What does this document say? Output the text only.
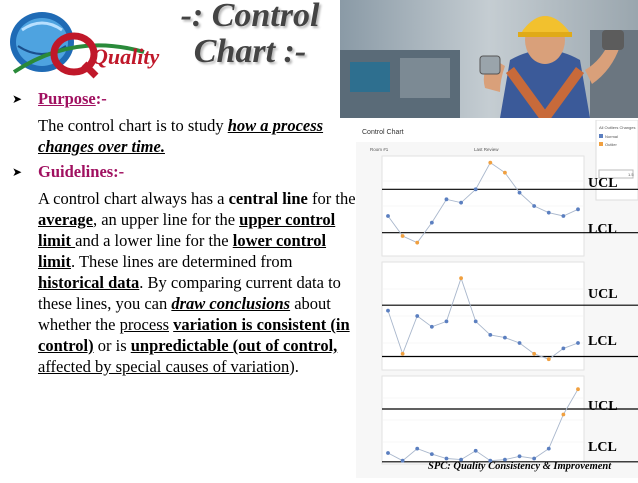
Quality
-: Control
Chart :-
➤ Purpose:-
The control chart is to study how a process changes over time.
➤ Guidelines:-
A control chart always has a central line for the average, an upper line for the upper control limit and a lower line for the lower control limit. These lines are determined from historical data. By comparing current data to these lines, you can draw conclusions about whether the process variation is consistent (in control) or is unpredictable (out of control, affected by special causes of variation).
Control Chart
Room #1	Last Review
All Outliers Changes
Normal
Outlier
1.5
UCL
LCL
UCL
LCL
UCL
LCL
SPC: Quality Consistency & Improvement
